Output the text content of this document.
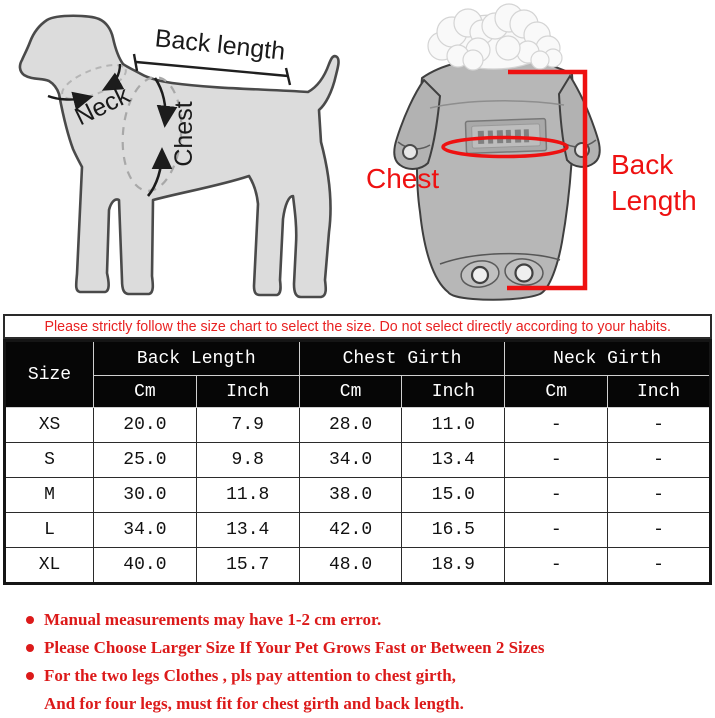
Back length
Neck Chest
Chest	Back
Length
Please strictly follow the size chart to select the size. Do not select directly according to your habits.
Size	Back Length		Chest Girth		Neck Girth	
	Cm	Inch	Cm	Inch	Cm	Inch
XS	20.0	7.9	28.0	11.0	-	-
S	25.0	9.8	34.0	13.4	-	-
M	30.0	11.8	38.0	15.0	-	-
L	34.0	13.4	42.0	16.5	-	-
XL	40.0	15.7	48.0	18.9	-	-
Manual measurements may have 1-2 cm error.
Please Choose Larger Size If Your Pet Grows Fast or Between 2 Sizes
For the two legs Clothes , pls pay attention to chest girth,
And for four legs, must fit for chest girth and back length.
